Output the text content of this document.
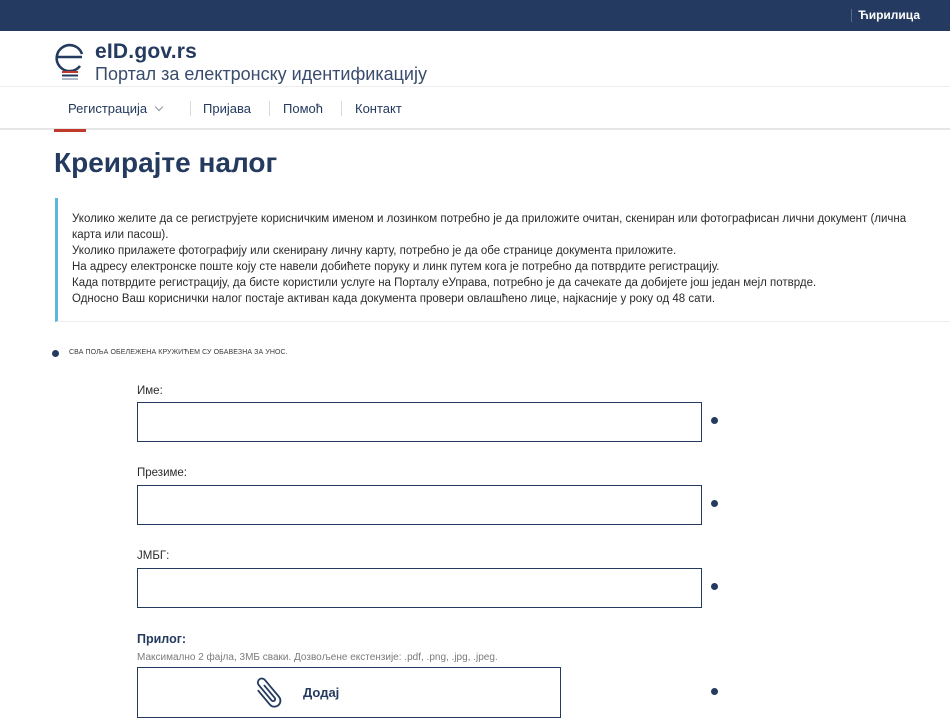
Ћирилица
eID.gov.rs
Портал за електронску идентификацију
Регистрација	Пријава Помоћ Контакт
Креирајте налог

Уколико желите да се региструјете корисничким именом и лозинком потребно је да приложите очитан, скениран или фотографисан лични документ (лична карта или пасош).

Уколико прилажете фотографију или скенирану личну карту, потребно је да обе странице документа приложите.

На адресу електронске поште коју сте навели добићете поруку и линк путем кога је потребно да потврдите регистрацију.

Када потврдите регистрацију, да бисте користили услуге на Порталу еУправа, потребно је да сачекате да добијете још један мејл потврде.

Односно Ваш кориснички налог постаје активан када документа провери овлашћено лице, најкасније у року од 48 сати.

СВА ПОЉА ОБЕЛЕЖЕНА КРУЖИЋЕМ СУ ОБАВЕЗНА ЗА УНОС.
Име:
Презиме:
ЈМБГ:
Прилог:
Максимално 2 фајла, 3МБ сваки. Дозвољене екстензије: .pdf, .png, .jpg, .jpeg.
Додај
